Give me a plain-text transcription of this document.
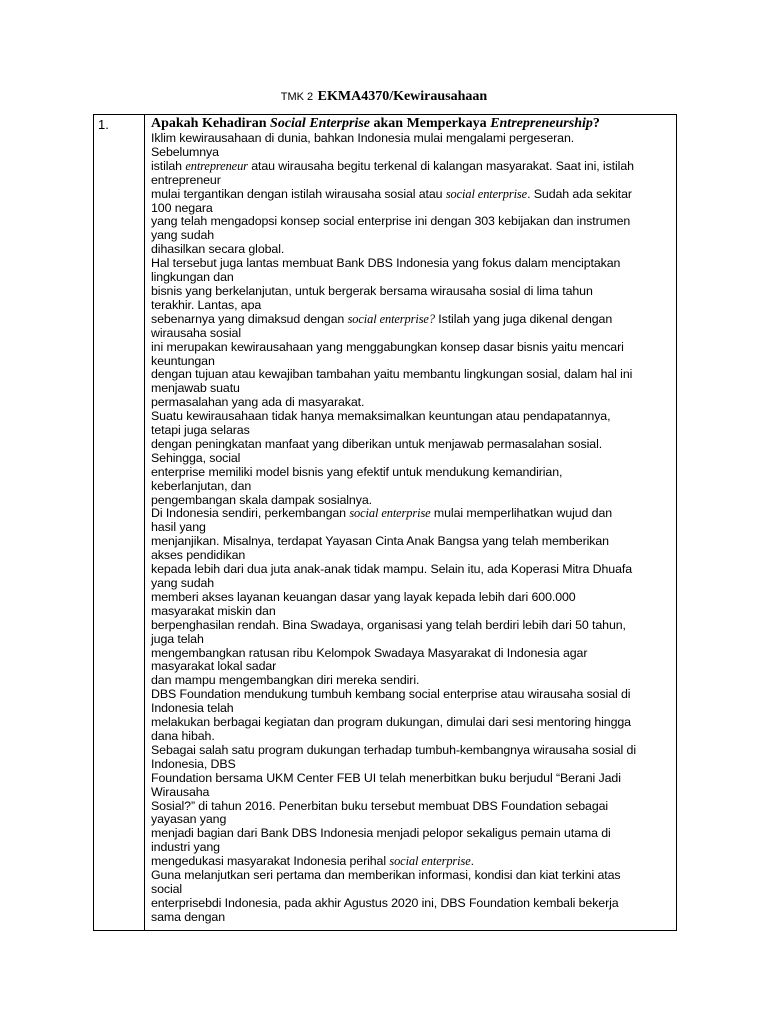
TMK 2 EKMA4370/Kewirausahaan
1.	Apakah Kehadiran Social Enterprise akan Memperkaya Entrepreneurship?

Iklim kewirausahaan di dunia, bahkan Indonesia mulai mengalami pergeseran.
Sebelumnya
istilah entrepreneur atau wirausaha begitu terkenal di kalangan masyarakat. Saat ini, istilah
entrepreneur
mulai tergantikan dengan istilah wirausaha sosial atau social enterprise. Sudah ada sekitar
100 negara
yang telah mengadopsi konsep social enterprise ini dengan 303 kebijakan dan instrumen
yang sudah
dihasilkan secara global.
Hal tersebut juga lantas membuat Bank DBS Indonesia yang fokus dalam menciptakan
lingkungan dan
bisnis yang berkelanjutan, untuk bergerak bersama wirausaha sosial di lima tahun
terakhir. Lantas, apa
sebenarnya yang dimaksud dengan social enterprise? Istilah yang juga dikenal dengan
wirausaha sosial
ini merupakan kewirausahaan yang menggabungkan konsep dasar bisnis yaitu mencari
keuntungan
dengan tujuan atau kewajiban tambahan yaitu membantu lingkungan sosial, dalam hal ini
menjawab suatu
permasalahan yang ada di masyarakat.
Suatu kewirausahaan tidak hanya memaksimalkan keuntungan atau pendapatannya,
tetapi juga selaras
dengan peningkatan manfaat yang diberikan untuk menjawab permasalahan sosial.
Sehingga, social
enterprise memiliki model bisnis yang efektif untuk mendukung kemandirian,
keberlanjutan, dan
pengembangan skala dampak sosialnya.
Di Indonesia sendiri, perkembangan social enterprise mulai memperlihatkan wujud dan
hasil yang
menjanjikan. Misalnya, terdapat Yayasan Cinta Anak Bangsa yang telah memberikan
akses pendidikan
kepada lebih dari dua juta anak-anak tidak mampu. Selain itu, ada Koperasi Mitra Dhuafa
yang sudah
memberi akses layanan keuangan dasar yang layak kepada lebih dari 600.000
masyarakat miskin dan
berpenghasilan rendah. Bina Swadaya, organisasi yang telah berdiri lebih dari 50 tahun,
juga telah
mengembangkan ratusan ribu Kelompok Swadaya Masyarakat di Indonesia agar
masyarakat lokal sadar
dan mampu mengembangkan diri mereka sendiri.
DBS Foundation mendukung tumbuh kembang social enterprise atau wirausaha sosial di
Indonesia telah
melakukan berbagai kegiatan dan program dukungan, dimulai dari sesi mentoring hingga
dana hibah.
Sebagai salah satu program dukungan terhadap tumbuh-kembangnya wirausaha sosial di
Indonesia, DBS
Foundation bersama UKM Center FEB UI telah menerbitkan buku berjudul “Berani Jadi
Wirausaha
Sosial?” di tahun 2016. Penerbitan buku tersebut membuat DBS Foundation sebagai
yayasan yang
menjadi bagian dari Bank DBS Indonesia menjadi pelopor sekaligus pemain utama di
industri yang
mengedukasi masyarakat Indonesia perihal social enterprise.
Guna melanjutkan seri pertama dan memberikan informasi, kondisi dan kiat terkini atas
social
enterprisebdi Indonesia, pada akhir Agustus 2020 ini, DBS Foundation kembali bekerja
sama dengan
